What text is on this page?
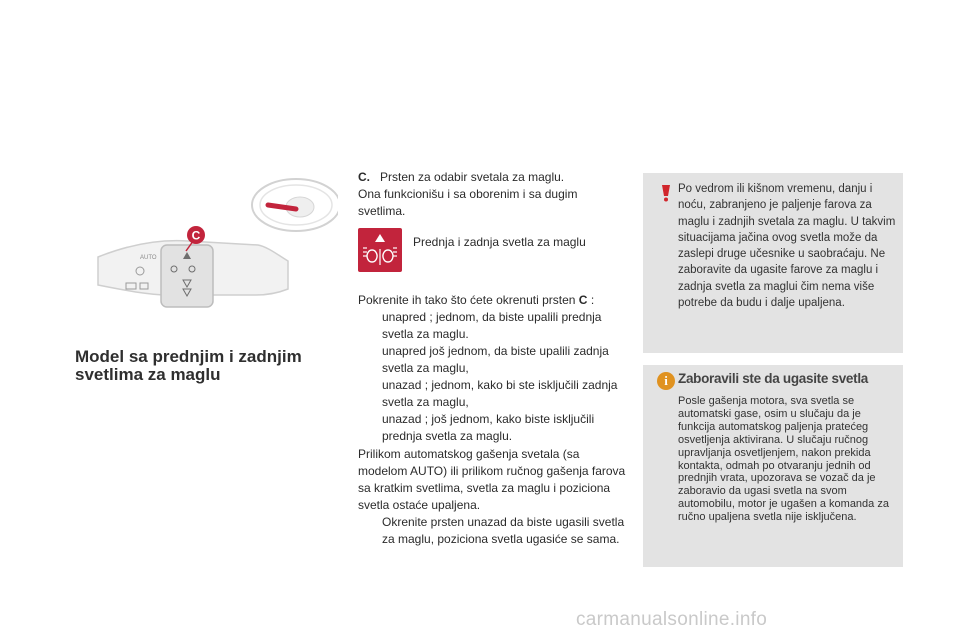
AUTO
C
Model sa prednjim i zadnjim svetlima za maglu
C. Prsten za odabir svetala za maglu.
Ona funkcionišu i sa oborenim i sa dugim svetlima.
Prednja i zadnja svetla za maglu
Pokrenite ih tako što ćete okrenuti prsten C :
unapred ; jednom, da biste upalili prednja svetla za maglu.
unapred još jednom, da biste upalili zadnja svetla za maglu,
unazad ; jednom, kako bi ste isključili zadnja svetla za maglu,
unazad ; još jednom, kako biste isključili prednja svetla za maglu.
Prilikom automatskog gašenja svetala (sa modelom AUTO) ili prilikom ručnog gašenja farova sa kratkim svetlima, svetla za maglu i poziciona svetla ostaće upaljena.
Okrenite prsten unazad da biste ugasili svetla za maglu, poziciona svetla ugasiće se sama.
Po vedrom ili kišnom vremenu, danju i noću, zabranjeno je paljenje farova za maglu i zadnjih svetala za maglu. U takvim situacijama jačina ovog svetla može da zaslepi druge učesnike u saobraćaju. Ne zaboravite da ugasite farove za maglu i zadnja svetla za maglui čim nema više potrebe da budu i dalje upaljena.
i Zaboravili ste da ugasite svetla
Posle gašenja motora, sva svetla se automatski gase, osim u slučaju da je funkcija automatskog paljenja pratećeg osvetljenja aktivirana. U slučaju ručnog upravljanja osvetljenjem, nakon prekida kontakta, odmah po otvaranju jednih od prednjih vrata, upozorava se vozač da je zaboravio da ugasi svetla na svom automobilu, motor je ugašen a komanda za ručno upaljena svetla nije isključena.
carmanualsonline.info
